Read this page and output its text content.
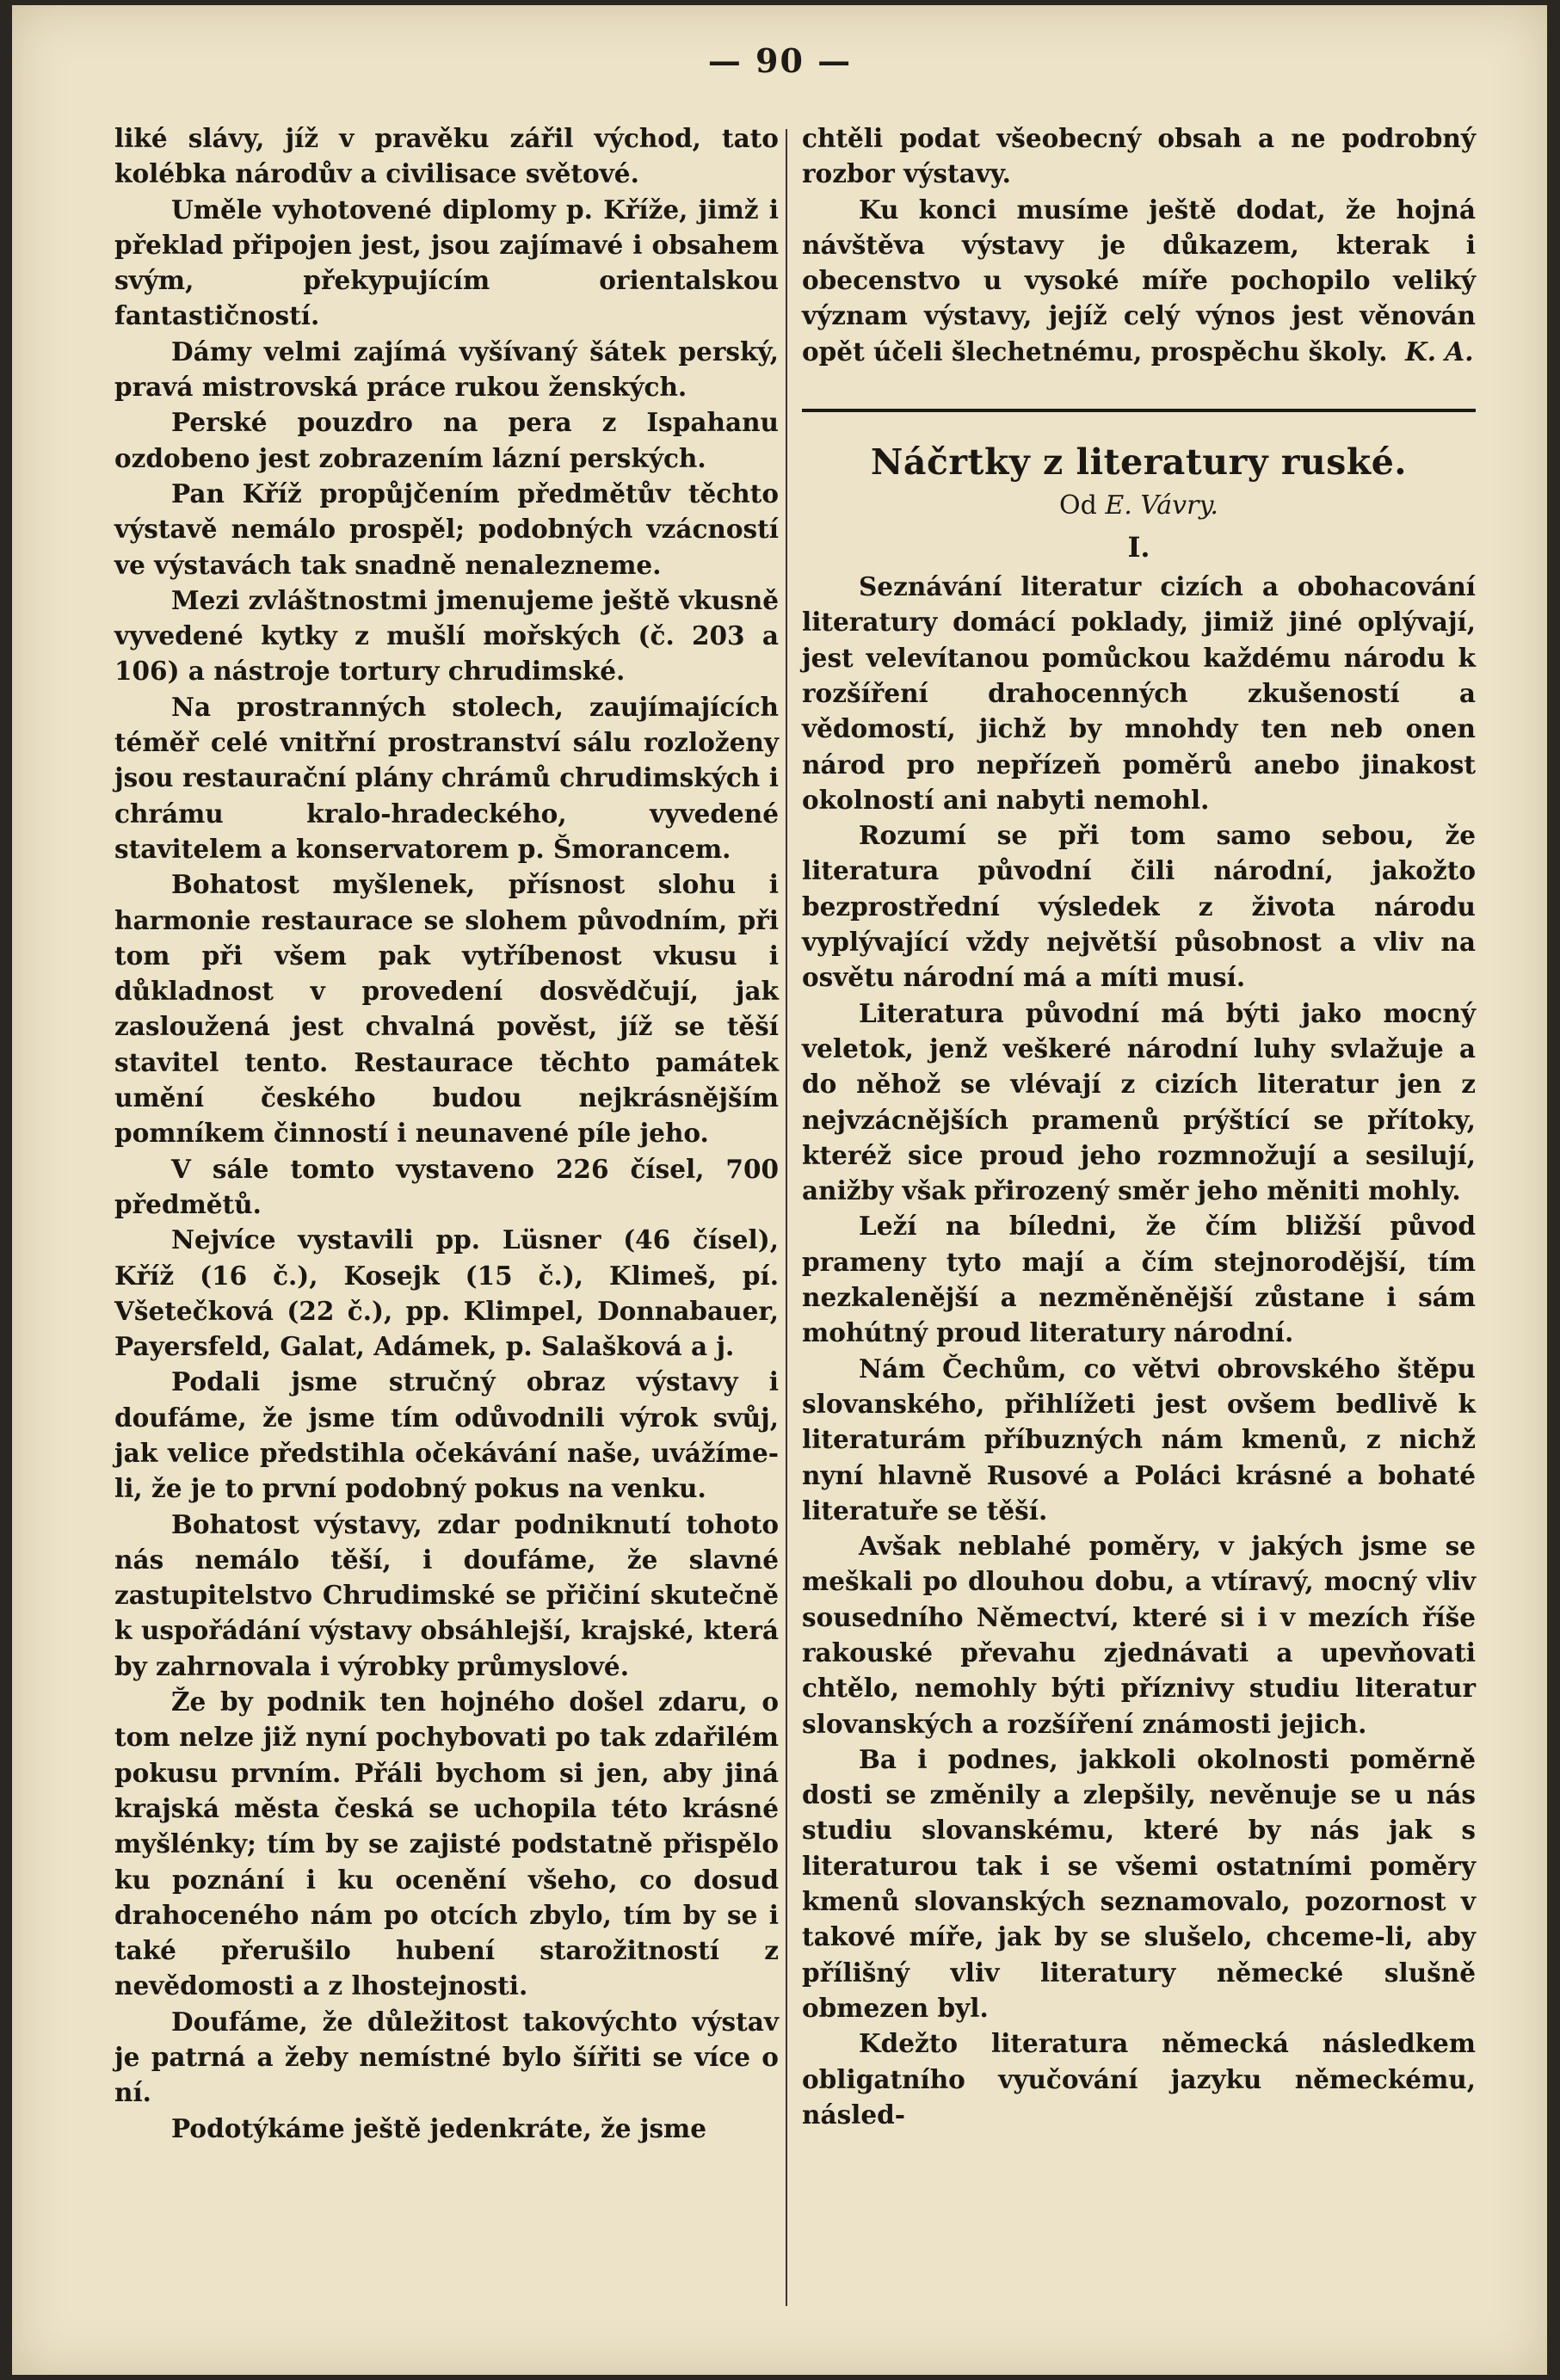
— 90 —

liké slávy, jíž v pravěku zářil východ, tato kolébka národův a civilisace světové.

Uměle vyhotovené diplomy p. Kříže, jimž i překlad připojen jest, jsou zajímavé i obsahem svým, překypujícím orientalskou fantastičností.

Dámy velmi zajímá vyšívaný šátek perský, pravá mistrovská práce rukou ženských.

Perské pouzdro na pera z Ispahanu ozdobeno jest zobrazením lázní perských.

Pan Kříž propůjčením předmětův těchto výstavě nemálo prospěl; podobných vzácností ve výstavách tak snadně nenalezneme.

Mezi zvláštnostmi jmenujeme ještě vkusně vyvedené kytky z mušlí mořských (č. 203 a 106) a nástroje tortury chrudimské.

Na prostranných stolech, zaujímajících téměř celé vnitřní prostranství sálu rozloženy jsou restaurační plány chrámů chrudimských i chrámu kralo-hradeckého, vyvedené stavitelem a konservatorem p. Šmorancem.

Bohatost myšlenek, přísnost slohu i harmonie restaurace se slohem původním, při tom při všem pak vytříbenost vkusu i důkladnost v provedení dosvědčují, jak zasloužená jest chvalná pověst, jíž se těší stavitel tento. Restaurace těchto památek umění českého budou nejkrásnějším pomníkem činností i neunavené píle jeho.

V sále tomto vystaveno 226 čísel, 700 předmětů.

Nejvíce vystavili pp. Lüsner (46 čísel), Kříž (16 č.), Kosejk (15 č.), Klimeš, pí. Všetečková (22 č.), pp. Klimpel, Donnabauer, Payersfeld, Galat, Adámek, p. Salašková a j.

Podali jsme stručný obraz výstavy i doufáme, že jsme tím odůvodnili výrok svůj, jak velice předstihla očekávání naše, uvážíme-li, že je to první podobný pokus na venku.

Bohatost výstavy, zdar podniknutí tohoto nás nemálo těší, i doufáme, že slavné zastupitelstvo Chrudimské se přičiní skutečně k uspořádání výstavy obsáhlejší, krajské, která by zahrnovala i výrobky průmyslové.

Že by podnik ten hojného došel zdaru, o tom nelze již nyní pochybovati po tak zdařilém pokusu prvním. Přáli bychom si jen, aby jiná krajská města česká se uchopila této krásné myšlénky; tím by se zajisté podstatně přispělo ku poznání i ku ocenění všeho, co dosud drahoceného nám po otcích zbylo, tím by se i také přerušilo hubení starožitností z nevědomosti a z lhostejnosti.

Doufáme, že důležitost takovýchto výstav je patrná a žeby nemístné bylo šířiti se více o ní.

Podotýkáme ještě jedenkráte, že jsme

chtěli podat všeobecný obsah a ne podrobný rozbor výstavy.

Ku konci musíme ještě dodat, že hojná návštěva výstavy je důkazem, kterak i obecenstvo u vysoké míře pochopilo veliký význam výstavy, jejíž celý výnos jest věnován opět účeli šlechetnému, prospěchu školy. K. A.

Náčrtky z literatury ruské.
Od E. Vávry.
I.

Seznávání literatur cizích a obohacování literatury domácí poklady, jimiž jiné oplývají, jest velevítanou pomůckou každému národu k rozšíření drahocenných zkušeností a vědomostí, jichž by mnohdy ten neb onen národ pro nepřízeň poměrů anebo jinakost okolností ani nabyti nemohl.

Rozumí se při tom samo sebou, že literatura původní čili národní, jakožto bezprostřední výsledek z života národu vyplývající vždy největší působnost a vliv na osvětu národní má a míti musí.

Literatura původní má býti jako mocný veletok, jenž veškeré národní luhy svlažuje a do něhož se vlévají z cizích literatur jen z nejvzácnějších pramenů prýštící se přítoky, kteréž sice proud jeho rozmnožují a sesilují, anižby však přirozený směr jeho měniti mohly.

Leží na bíledni, že čím bližší původ prameny tyto mají a čím stejnorodější, tím nezkalenější a nezměněnější zůstane i sám mohútný proud literatury národní.

Nám Čechům, co větvi obrovského štěpu slovanského, přihlížeti jest ovšem bedlivě k literaturám příbuzných nám kmenů, z nichž nyní hlavně Rusové a Poláci krásné a bohaté literatuře se těší.

Avšak neblahé poměry, v jakých jsme se meškali po dlouhou dobu, a vtíravý, mocný vliv sousedního Němectví, které si i v mezích říše rakouské převahu zjednávati a upevňovati chtělo, nemohly býti příznivy studiu literatur slovanských a rozšíření známosti jejich.

Ba i podnes, jakkoli okolnosti poměrně dosti se změnily a zlepšily, nevěnuje se u nás studiu slovanskému, které by nás jak s literaturou tak i se všemi ostatními poměry kmenů slovanských seznamovalo, pozornost v takové míře, jak by se slušelo, chceme-li, aby přílišný vliv literatury německé slušně obmezen byl.

Kdežto literatura německá následkem obligatního vyučování jazyku německému, násled-
